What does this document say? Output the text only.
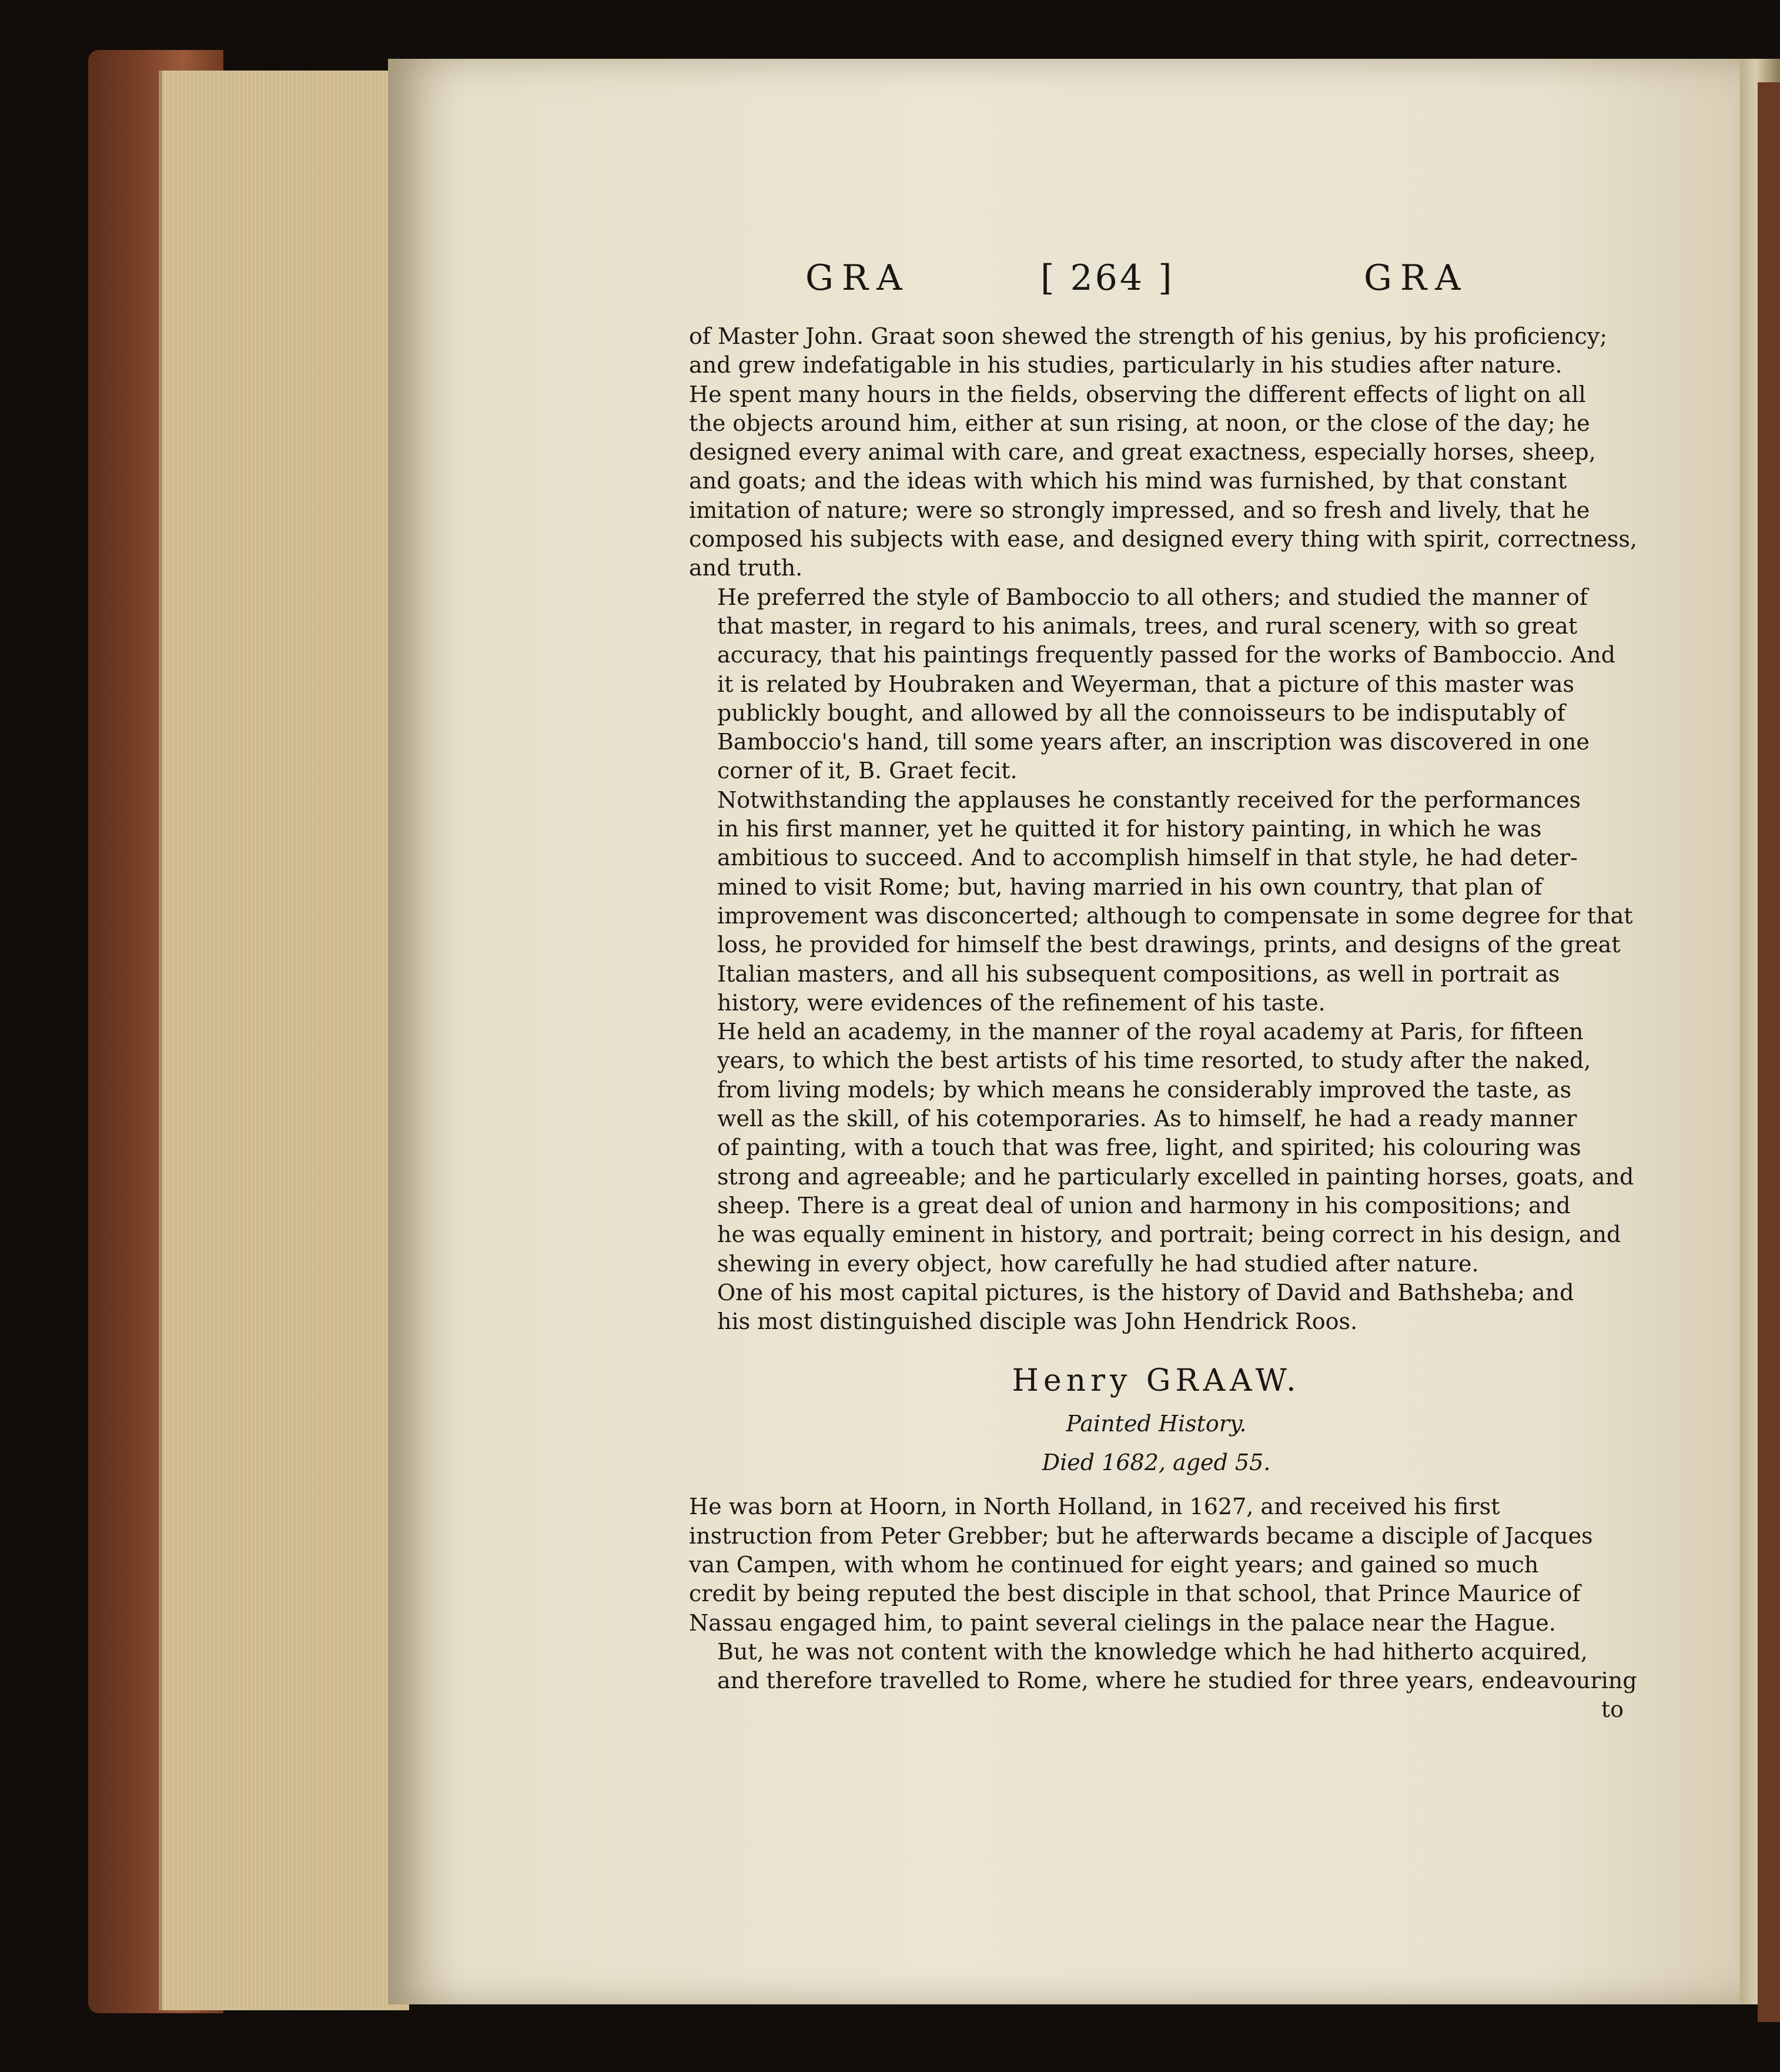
GRA	[ 264 ]	GRA
of Master John. Graat soon shewed the strength of his genius, by his proficiency;
and grew indefatigable in his studies, particularly in his studies after nature.
He spent many hours in the fields, observing the different effects of light on all
the objects around him, either at sun rising, at noon, or the close of the day; he
designed every animal with care, and great exactness, especially horses, sheep,
and goats; and the ideas with which his mind was furnished, by that constant
imitation of nature; were so strongly impressed, and so fresh and lively, that he
composed his subjects with ease, and designed every thing with spirit, correctness,
and truth.
He preferred the style of Bamboccio to all others; and studied the manner of
that master, in regard to his animals, trees, and rural scenery, with so great
accuracy, that his paintings frequently passed for the works of Bamboccio. And
it is related by Houbraken and Weyerman, that a picture of this master was
publickly bought, and allowed by all the connoisseurs to be indisputably of
Bamboccio's hand, till some years after, an inscription was discovered in one
corner of it, B. Graet fecit.
Notwithstanding the applauses he constantly received for the performances
in his first manner, yet he quitted it for history painting, in which he was
ambitious to succeed. And to accomplish himself in that style, he had deter-
mined to visit Rome; but, having married in his own country, that plan of
improvement was disconcerted; although to compensate in some degree for that
loss, he provided for himself the best drawings, prints, and designs of the great
Italian masters, and all his subsequent compositions, as well in portrait as
history, were evidences of the refinement of his taste.
He held an academy, in the manner of the royal academy at Paris, for fifteen
years, to which the best artists of his time resorted, to study after the naked,
from living models; by which means he considerably improved the taste, as
well as the skill, of his cotemporaries. As to himself, he had a ready manner
of painting, with a touch that was free, light, and spirited; his colouring was
strong and agreeable; and he particularly excelled in painting horses, goats, and
sheep. There is a great deal of union and harmony in his compositions; and
he was equally eminent in history, and portrait; being correct in his design, and
shewing in every object, how carefully he had studied after nature.
One of his most capital pictures, is the history of David and Bathsheba; and
his most distinguished disciple was John Hendrick Roos.
Henry GRAAW.
Painted History.
Died 1682, aged 55.
He was born at Hoorn, in North Holland, in 1627, and received his first
instruction from Peter Grebber; but he afterwards became a disciple of Jacques
van Campen, with whom he continued for eight years; and gained so much
credit by being reputed the best disciple in that school, that Prince Maurice of
Nassau engaged him, to paint several cielings in the palace near the Hague.
But, he was not content with the knowledge which he had hitherto acquired,
and therefore travelled to Rome, where he studied for three years, endeavouring
to
